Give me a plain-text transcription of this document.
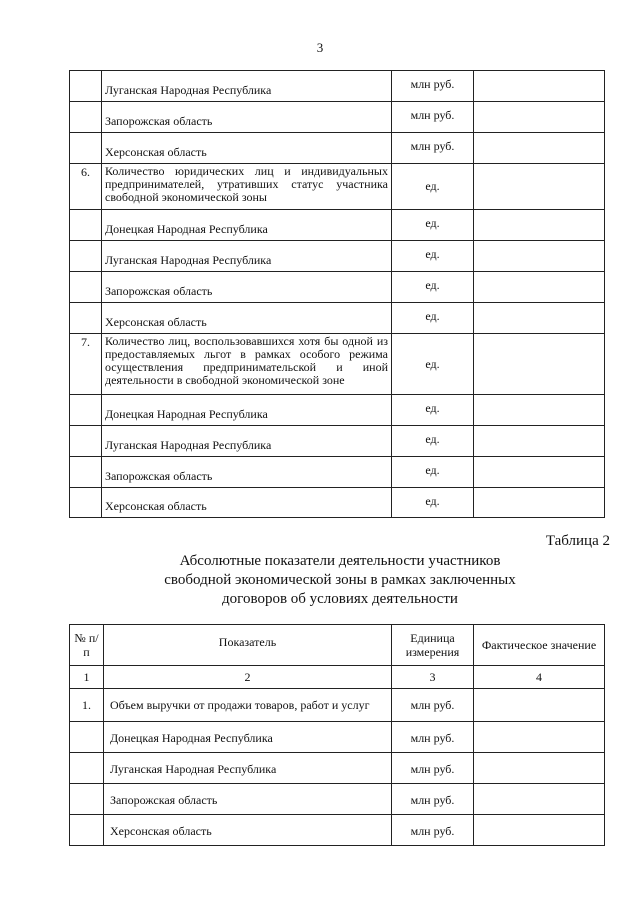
3
	Луганская Народная Республика	млн руб.	
	Запорожская область	млн руб.	
	Херсонская область	млн руб.	
6.	Количество юридических лиц и индивидуальных предпринимателей, утративших статус участника свободной экономической зоны	ед.	
	Донецкая Народная Республика	ед.	
	Луганская Народная Республика	ед.	
	Запорожская область	ед.	
	Херсонская область	ед.	
7.	Количество лиц, воспользовавшихся хотя бы одной из предоставляемых льгот в рамках особого режима осуществления предпринимательской и иной деятельности в свободной экономической зоне	ед.	
	Донецкая Народная Республика	ед.	
	Луганская Народная Республика	ед.	
	Запорожская область	ед.	
	Херсонская область	ед.	
Таблица 2
Абсолютные показатели деятельности участников
свободной экономической зоны в рамках заключенных
договоров об условиях деятельности
№ п/п	Показатель	Единица измерения	Фактическое значение
1	2	3	4
1.	Объем выручки от продажи товаров, работ и услуг	млн руб.	
	Донецкая Народная Республика	млн руб.	
	Луганская Народная Республика	млн руб.	
	Запорожская область	млн руб.	
	Херсонская область	млн руб.	
